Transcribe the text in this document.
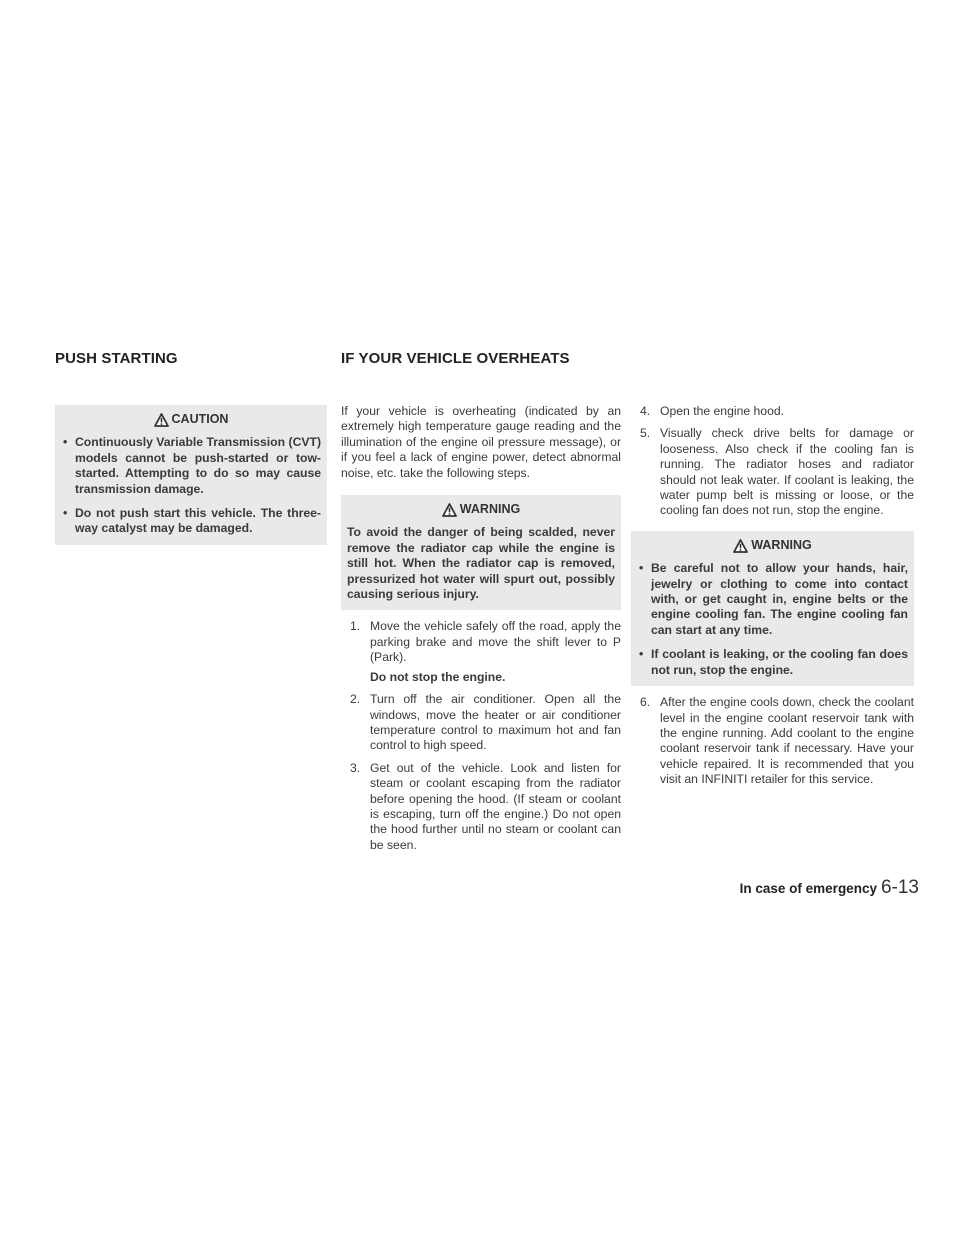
PUSH STARTING	IF YOUR VEHICLE OVERHEATS
CAUTION
• Continuously Variable Transmission (CVT) models cannot be push-started or tow-started. Attempting to do so may cause transmission damage.
• Do not push start this vehicle. The three-way catalyst may be damaged.
If your vehicle is overheating (indicated by an extremely high temperature gauge reading and the illumination of the engine oil pressure message), or if you feel a lack of engine power, detect abnormal noise, etc. take the following steps.
WARNING
To avoid the danger of being scalded, never remove the radiator cap while the engine is still hot. When the radiator cap is removed, pressurized hot water will spurt out, possibly causing serious injury.
1. Move the vehicle safely off the road, apply the parking brake and move the shift lever to P (Park).
Do not stop the engine.
2. Turn off the air conditioner. Open all the windows, move the heater or air conditioner temperature control to maximum hot and fan control to high speed.
3. Get out of the vehicle. Look and listen for steam or coolant escaping from the radiator before opening the hood. (If steam or coolant is escaping, turn off the engine.) Do not open the hood further until no steam or coolant can be seen.
4. Open the engine hood.
5. Visually check drive belts for damage or looseness. Also check if the cooling fan is running. The radiator hoses and radiator should not leak water. If coolant is leaking, the water pump belt is missing or loose, or the cooling fan does not run, stop the engine.
WARNING
• Be careful not to allow your hands, hair, jewelry or clothing to come into contact with, or get caught in, engine belts or the engine cooling fan. The engine cooling fan can start at any time.
• If coolant is leaking, or the cooling fan does not run, stop the engine.
6. After the engine cools down, check the coolant level in the engine coolant reservoir tank with the engine running. Add coolant to the engine coolant reservoir tank if necessary. Have your vehicle repaired. It is recommended that you visit an INFINITI retailer for this service.
In case of emergency 6-13
